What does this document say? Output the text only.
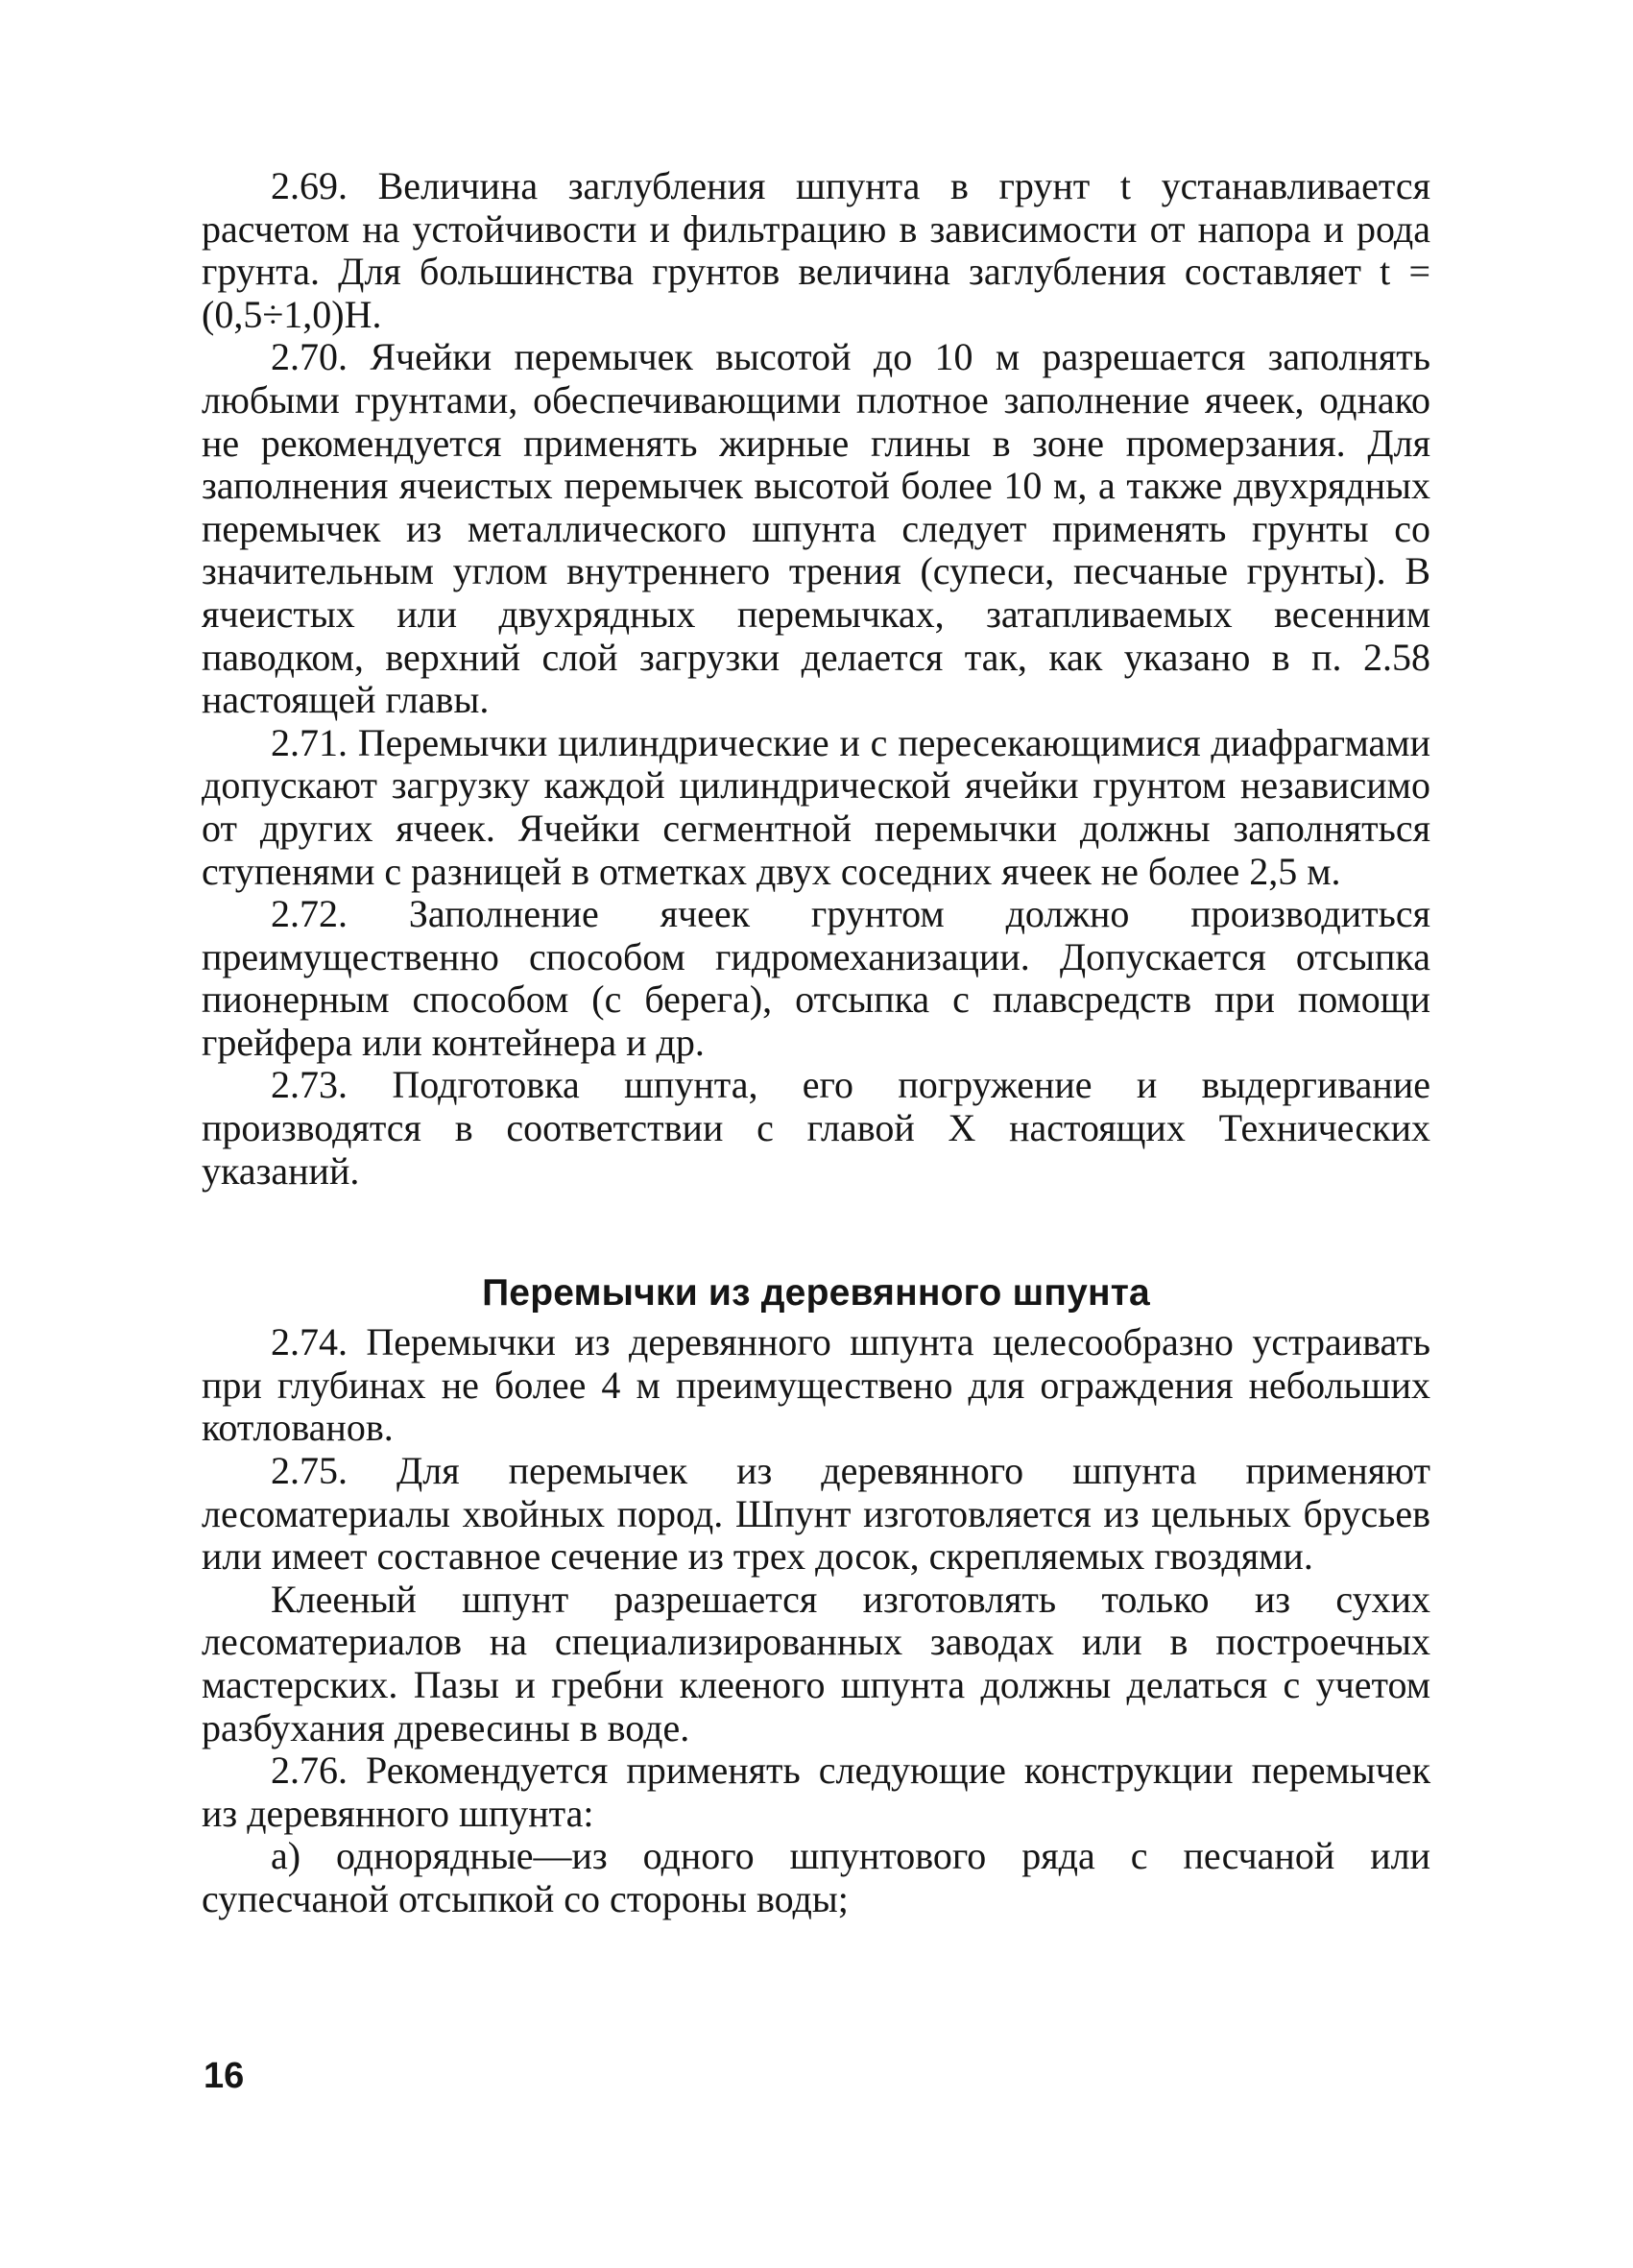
2.69. Величина заглубления шпунта в грунт t устанавливается расчетом на устойчивости и фильтрацию в зависимости от напора и рода грунта. Для большинства грунтов величина заглубления составляет t = (0,5÷1,0)H.

2.70. Ячейки перемычек высотой до 10 м разрешается заполнять любыми грунтами, обеспечивающими плотное заполнение ячеек, однако не рекомендуется применять жирные глины в зоне промерзания. Для заполнения ячеистых перемычек высотой более 10 м, а также двухрядных перемычек из металлического шпунта следует применять грунты со значительным углом внутреннего трения (супеси, песчаные грунты). В ячеистых или двухрядных перемычках, затапливаемых весенним паводком, верхний слой загрузки делается так, как указано в п. 2.58 настоящей главы.

2.71. Перемычки цилиндрические и с пересекающимися диафрагмами допускают загрузку каждой цилиндрической ячейки грунтом независимо от других ячеек. Ячейки сегментной перемычки должны заполняться ступенями с разницей в отметках двух соседних ячеек не более 2,5 м.

2.72. Заполнение ячеек грунтом должно производиться преимущественно способом гидромеханизации. Допускается отсыпка пионерным способом (с берега), отсыпка с плавсредств при помощи грейфера или контейнера и др.

2.73. Подготовка шпунта, его погружение и выдергивание производятся в соответствии с главой X настоящих Технических указаний.

Перемычки из деревянного шпунта

2.74. Перемычки из деревянного шпунта целесообразно устраивать при глубинах не более 4 м преимуществено для ограждения небольших котлованов.

2.75. Для перемычек из деревянного шпунта применяют лесоматериалы хвойных пород. Шпунт изготовляется из цельных брусьев или имеет составное сечение из трех досок, скрепляемых гвоздями.

Клееный шпунт разрешается изготовлять только из сухих лесоматериалов на специализированных заводах или в построечных мастерских. Пазы и гребни клееного шпунта должны делаться с учетом разбухания древесины в воде.

2.76. Рекомендуется применять следующие конструкции перемычек из деревянного шпунта:

а) однорядные—из одного шпунтового ряда с песчаной или супесчаной отсыпкой со стороны воды;

16
